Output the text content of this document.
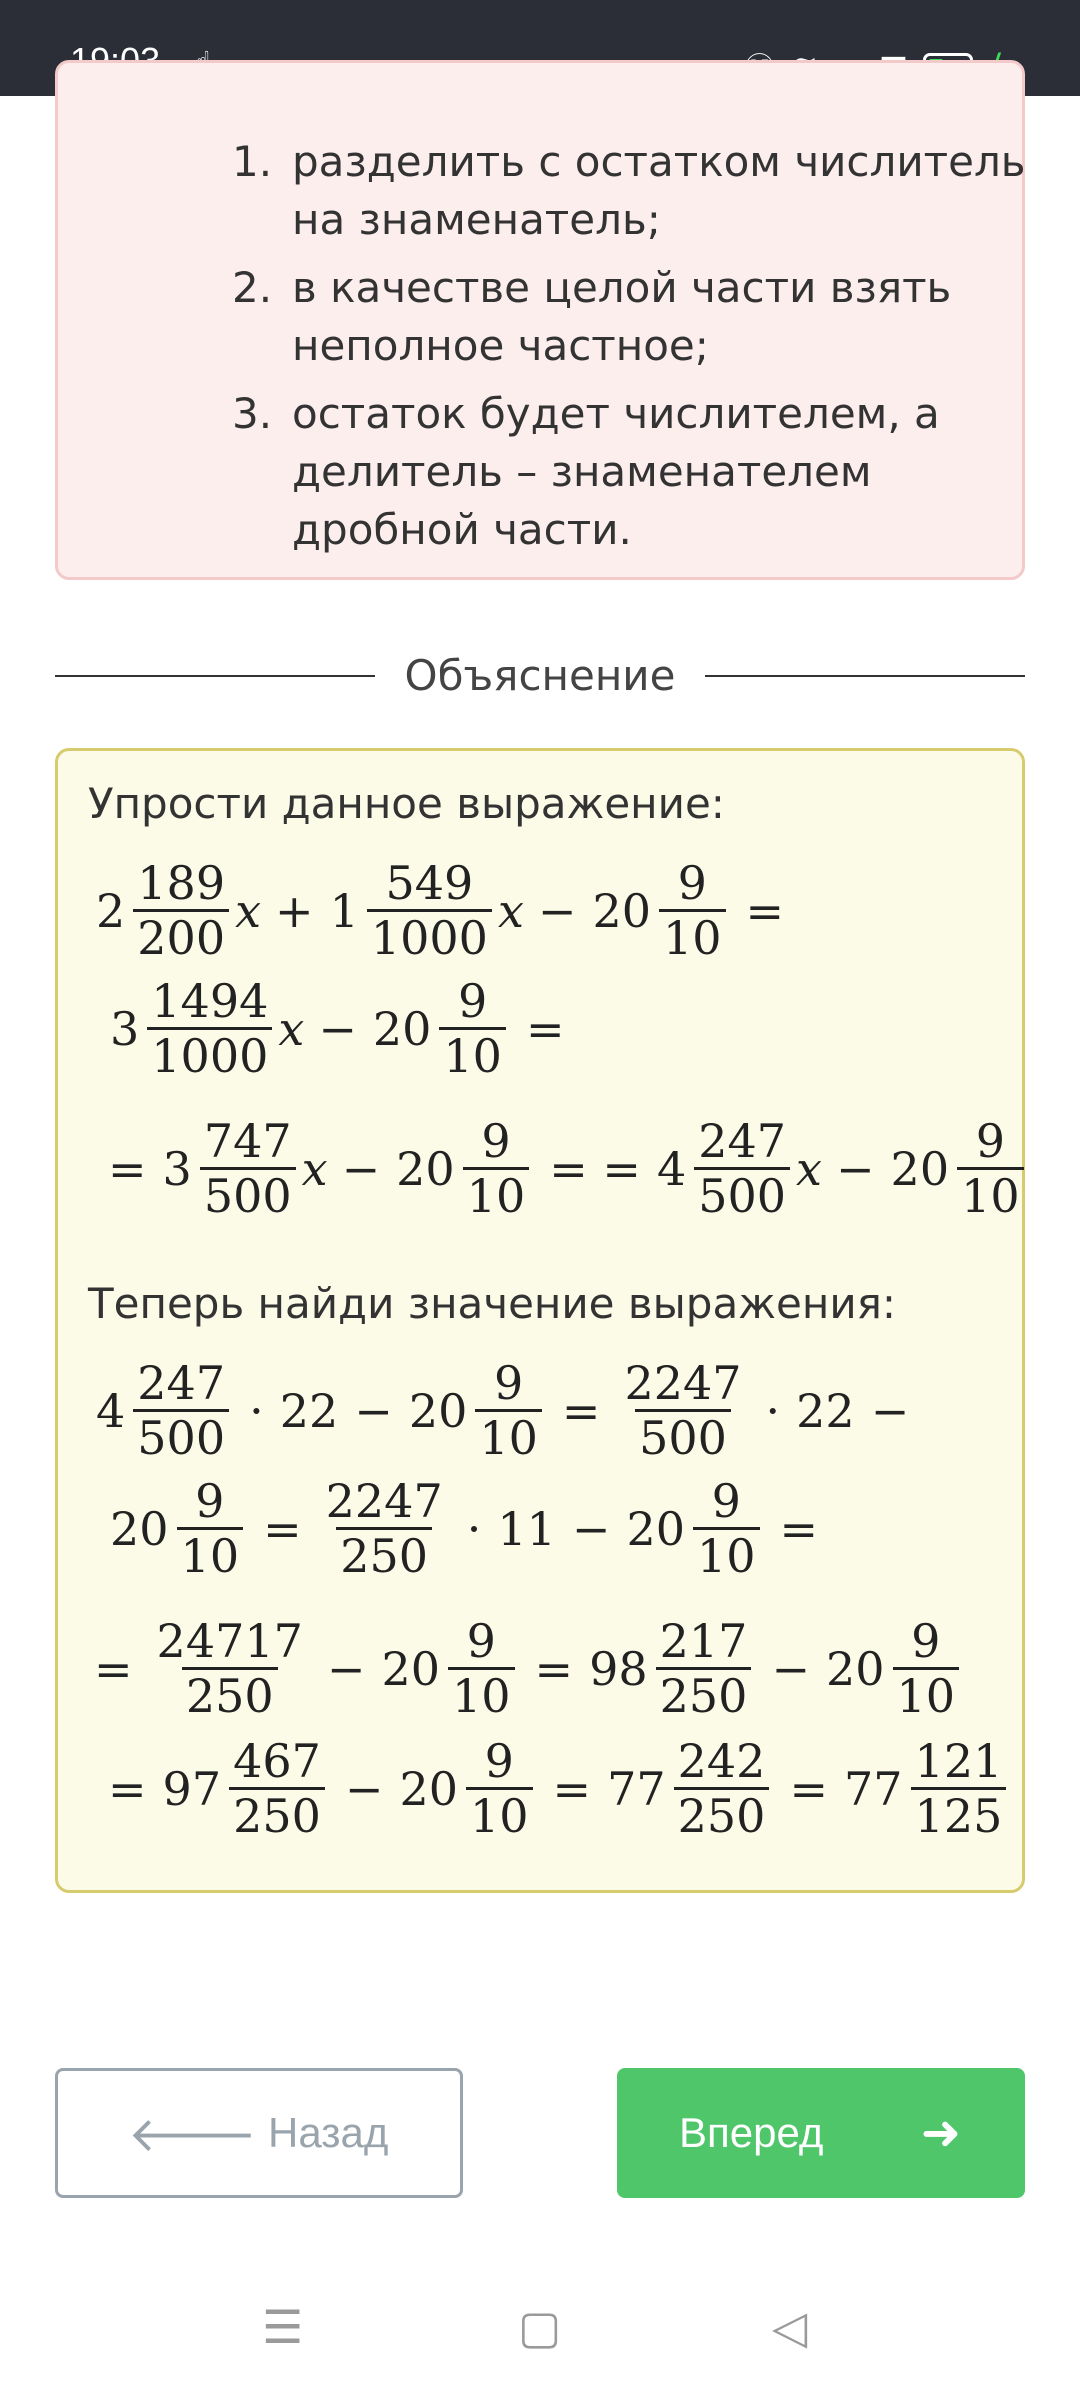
1. разделить с остатком числитель на знаменатель;
2. в качестве целой части взять неполное частное;
3. остаток будет числителем, а делитель – знаменателем дробной части.
Объяснение
Упрости данное выражение:
$2 \frac{189}{200}$ $x + 1 \frac{549}{1000}$ $x - 20 \frac{9}{10}$ =
$3 \frac{1494}{1000}$ $x - 20 \frac{9}{10}$ =
= $3 \frac{747}{500}$ $x - 20 \frac{9}{10}$ = = $4 \frac{247}{500}$ $x - 20 \frac{9}{10}$
Теперь найди значение выражения:
$4 \frac{247}{500} \cdot 22 - 20 \frac{9}{10} = \frac{2247}{500} \cdot 22$ −
$20 \frac{9}{10} = \frac{2247}{250} \cdot 11 - 20 \frac{9}{10}$ =
= $\frac{24717}{250} - 20 \frac{9}{10} = 98 \frac{217}{250} - 20 \frac{9}{10}$
= $97 \frac{467}{250} - 20 \frac{9}{10} = 77 \frac{242}{250} = 77 \frac{121}{125}$
🡐 Назад	Вперед ➜
☰	▢	◁
